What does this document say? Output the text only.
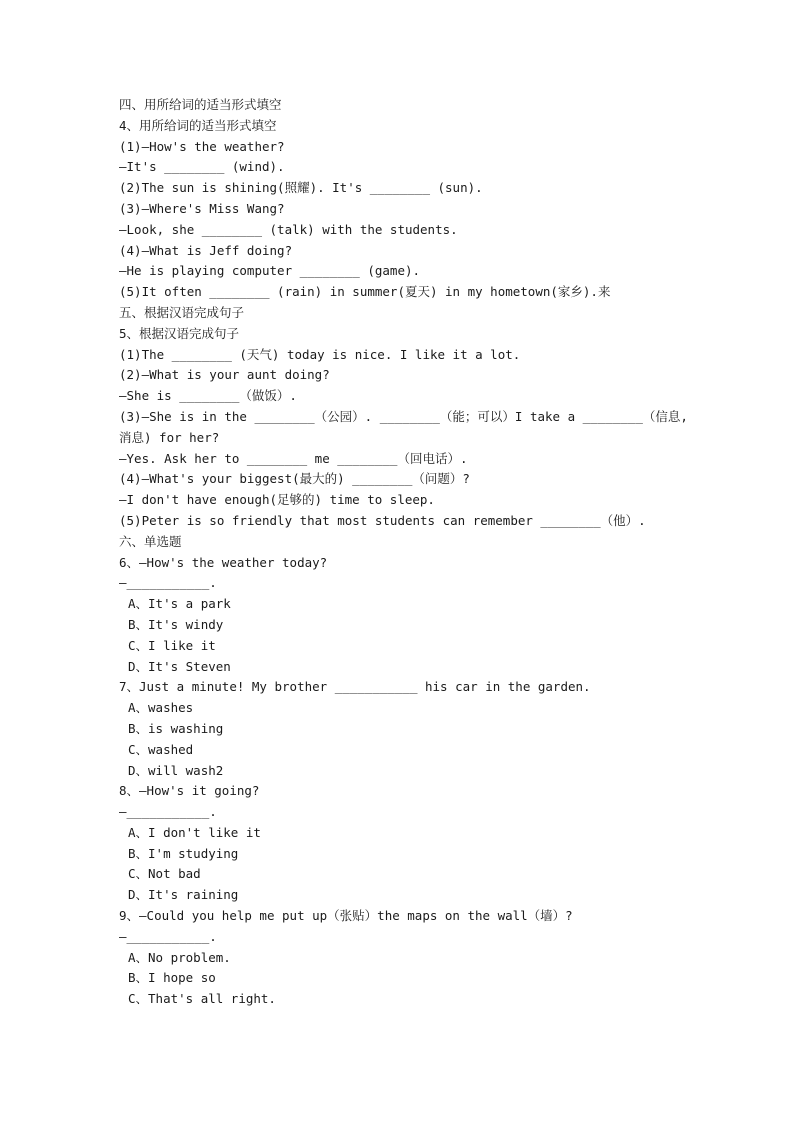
四、用所给词的适当形式填空
4、用所给词的适当形式填空
(1)—How's the weather?
—It's ________ (wind).
(2)The sun is shining(照耀). It's ________ (sun).
(3)—Where's Miss Wang?
—Look, she ________ (talk) with the students.
(4)—What is Jeff doing?
—He is playing computer ________ (game).
(5)It often ________ (rain) in summer(夏天) in my hometown(家乡).来
五、根据汉语完成句子
5、根据汉语完成句子
(1)The ________ (天气) today is nice. I like it a lot.
(2)—What is your aunt doing?
—She is ________（做饭）.
(3)—She is in the ________（公园）. ________（能；可以）I take a ________（信息,
消息) for her?
—Yes. Ask her to ________ me ________（回电话）.
(4)—What's your biggest(最大的) ________（问题）?
—I don't have enough(足够的) time to sleep.
(5)Peter is so friendly that most students can remember ________（他）.
六、单选题
6、—How's the weather today?
—___________.
A、It's a park
B、It's windy
C、I like it
D、It's Steven
7、Just a minute! My brother ___________ his car in the garden.
A、washes
B、is washing
C、washed
D、will wash2
8、—How's it going?
—___________.
A、I don't like it
B、I'm studying
C、Not bad
D、It's raining
9、—Could you help me put up（张贴）the maps on the wall（墙）?
—___________.
A、No problem.
B、I hope so
C、That's all right.
